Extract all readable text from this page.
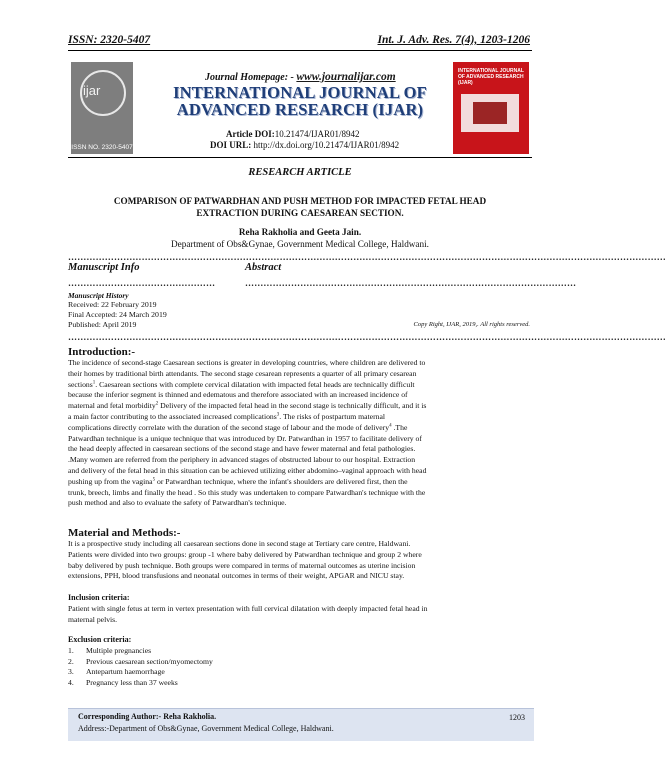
ISSN: 2320-5407	Int. J. Adv. Res. 7(4), 1203-1206
ijar
ISSN NO. 2320-5407
Journal Homepage: - www.journalijar.com
INTERNATIONAL JOURNAL OF
ADVANCED RESEARCH (IJAR)
Article DOI:10.21474/IJAR01/8942
DOI URL: http://dx.doi.org/10.21474/IJAR01/8942
INTERNATIONAL JOURNAL OF ADVANCED RESEARCH (IJAR)
RESEARCH ARTICLE
COMPARISON OF PATWARDHAN AND PUSH METHOD FOR IMPACTED FETAL HEAD
EXTRACTION DURING CAESAREAN SECTION.
Reha Rakholia and Geeta Jain.
Department of Obs&Gynae, Government Medical College, Haldwani.
……………………………………………………………………………………………………………………………………………………………………………
Manuscript Info	Abstract
…………………………………………	………………………………………………………………………………………………
Manuscript History
Received: 22 February 2019
Final Accepted: 24 March 2019
Published: April 2019	Copy Right, IJAR, 2019,. All rights reserved.
……………………………………………………………………………………………………………………………………………………………………………
Introduction:-
The incidence of second-stage Caesarean sections is greater in developing countries, where children are delivered to
their homes by traditional birth attendants. The second stage cesarean represents a quarter of all primary cesarean
sections$^1$. Caesarean sections with complete cervical dilatation with impacted fetal heads are technically difficult
because the inferior segment is thinned and edematous and therefore associated with an increased incidence of
maternal and fetal morbidity$^2$ Delivery of the impacted fetal head in the second stage is technically difficult, and it is
a main factor contributing to the associated increased complications$^3$. The risks of postpartum maternal
complications directly correlate with the duration of the second stage of labour and the mode of delivery$^4$ .The
Patwardhan technique is a unique technique that was introduced by Dr. Patwardhan in 1957 to facilitate delivery of
the head deeply affected in caesarean sections of the second stage and have fewer maternal and fetal pathologies.
.Many women are referred from the periphery in advanced stages of obstructed labour to our hospital. Extraction
and delivery of the fetal head in this situation can be achieved utilizing either abdomino–vaginal approach with head
pushing up from the vagina$^5$ or Patwardhan technique, where the infant's shoulders are delivered first, then the
trunk, breech, limbs and finally the head . So this study was undertaken to compare Patwardhan's technique with the
push method and also to evaluate the safety of Patwardhan's technique.
Material and Methods:-
It is a prospective study including all caesarean sections done in second stage at Tertiary care centre, Haldwani.
Patients were divided into two groups: group -1 where baby delivered by Patwardhan technique and group 2 where
baby delivered by push technique. Both groups were compared in terms of maternal outcomes as uterine incision
extensions, PPH, blood transfusions and neonatal outcomes in terms of their weight, APGAR and NICU stay.
Inclusion criteria:
Patient with single fetus at term in vertex presentation with full cervical dilatation with deeply impacted fetal head in
maternal pelvis.
Exclusion criteria:
1. Multiple pregnancies
2. Previous caesarean section/myomectomy
3. Antepartum haemorrhage
4. Pregnancy less than 37 weeks
Corresponding Author:- Reha Rakholia.
Address:-Department of Obs&Gynae, Government Medical College, Haldwani.
1203
